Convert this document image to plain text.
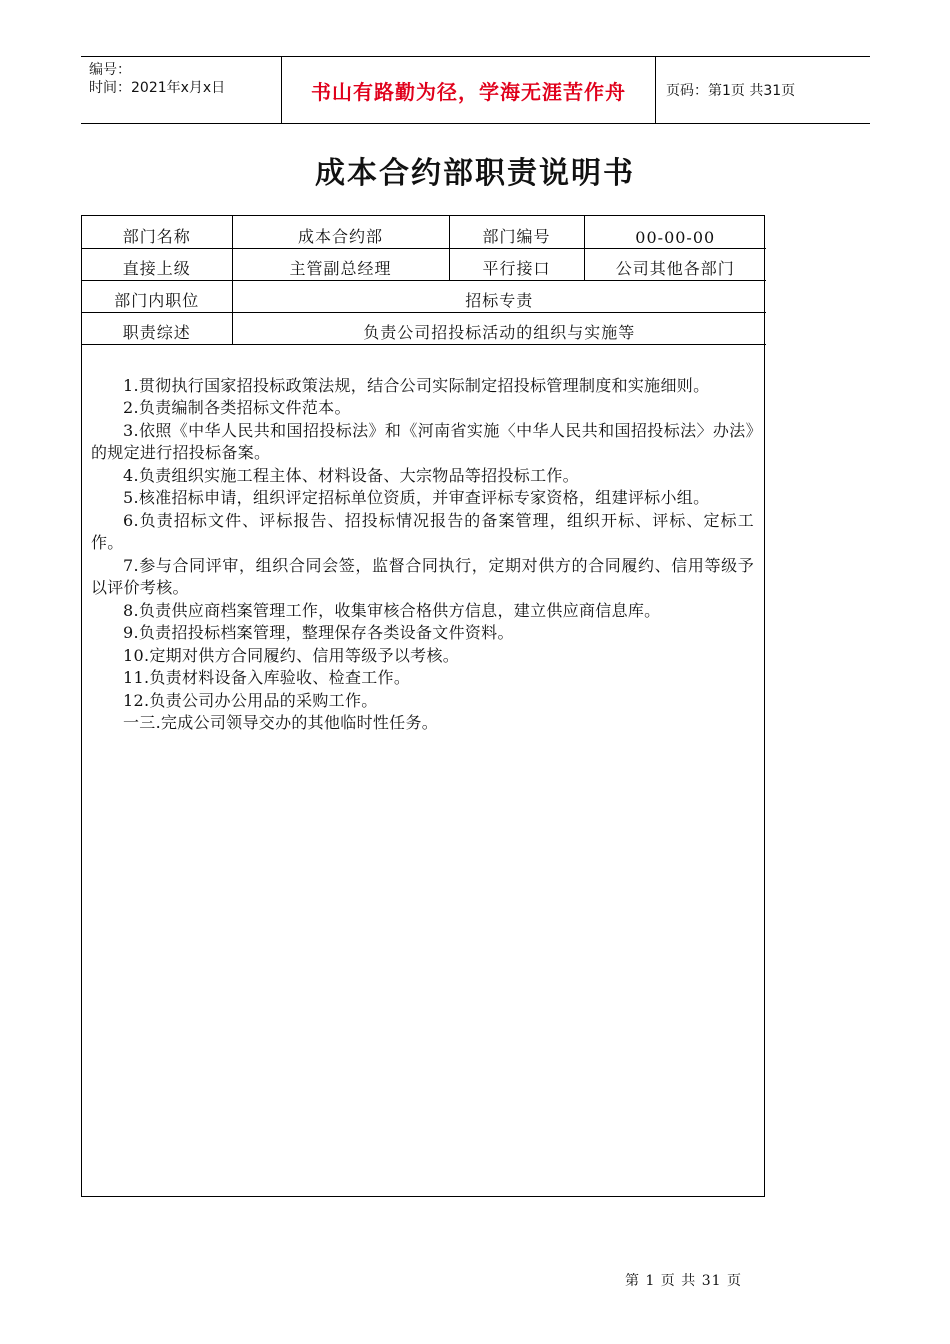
编号：
时间：2021年x月x日	书山有路勤为径，学海无涯苦作舟	页码：第1页 共31页
成本合约部职责说明书
部门名称	成本合约部	部门编号	00-00-00
直接上级	主管副总经理	平行接口	公司其他各部门
部门内职位	招标专责		
职责综述	负责公司招投标活动的组织与实施等		

1.贯彻执行国家招投标政策法规，结合公司实际制定招投标管理制度和实施细则。

2.负责编制各类招标文件范本。

3.依照《中华人民共和国招投标法》和《河南省实施〈中华人民共和国招投标法〉办法》的规定进行招投标备案。

4.负责组织实施工程主体、材料设备、大宗物品等招投标工作。

5.核准招标申请，组织评定招标单位资质，并审查评标专家资格，组建评标小组。

6.负责招标文件、评标报告、招投标情况报告的备案管理，组织开标、评标、定标工作。

7.参与合同评审，组织合同会签，监督合同执行，定期对供方的合同履约、信用等级予以评价考核。

8.负责供应商档案管理工作，收集审核合格供方信息，建立供应商信息库。

9.负责招投标档案管理，整理保存各类设备文件资料。

10.定期对供方合同履约、信用等级予以考核。

11.负责材料设备入库验收、检查工作。

12.负责公司办公用品的采购工作。

一三.完成公司领导交办的其他临时性任务。

第 1 页 共 31 页
